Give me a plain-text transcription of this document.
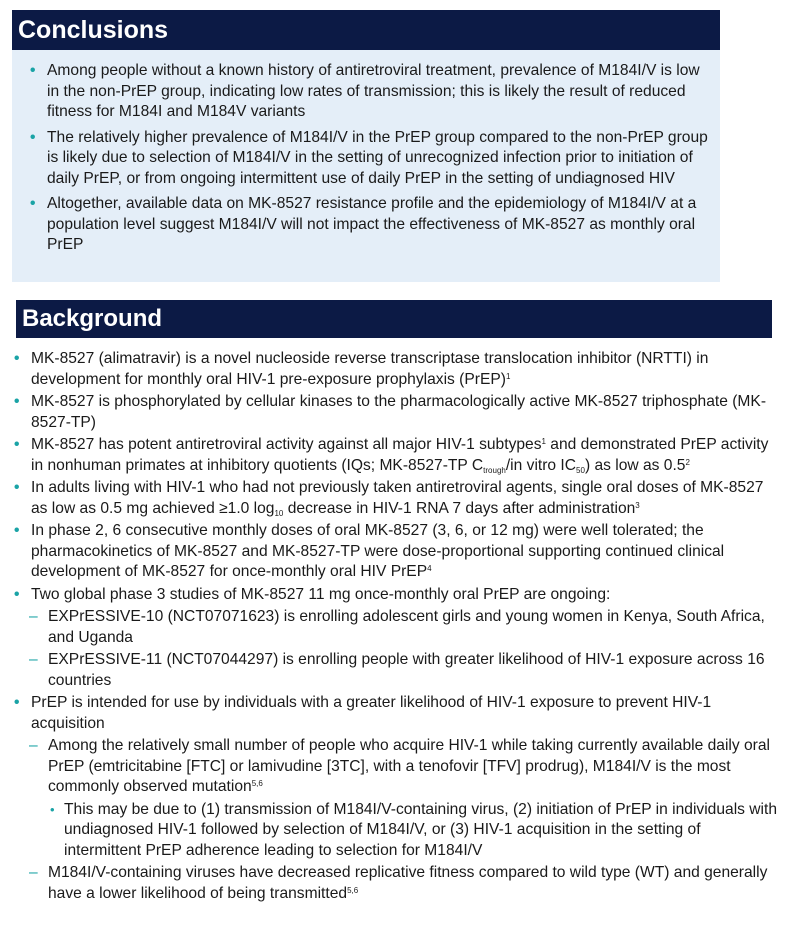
Conclusions
• Among people without a known history of antiretroviral treatment, prevalence of M184I/V is low in the non-PrEP group, indicating low rates of transmission; this is likely the result of reduced fitness for M184I and M184V variants
• The relatively higher prevalence of M184I/V in the PrEP group compared to the non-PrEP group is likely due to selection of M184I/V in the setting of unrecognized infection prior to initiation of daily PrEP, or from ongoing intermittent use of daily PrEP in the setting of undiagnosed HIV
• Altogether, available data on MK-8527 resistance profile and the epidemiology of M184I/V at a population level suggest M184I/V will not impact the effectiveness of MK-8527 as monthly oral PrEP
Background
• MK-8527 (alimatravir) is a novel nucleoside reverse transcriptase translocation inhibitor (NRTTI) in development for monthly oral HIV-1 pre-exposure prophylaxis (PrEP)$^1$
• MK-8527 is phosphorylated by cellular kinases to the pharmacologically active MK-8527 triphosphate (MK-8527-TP)
• MK-8527 has potent antiretroviral activity against all major HIV-1 subtypes$^1$ and demonstrated PrEP activity in nonhuman primates at inhibitory quotients (IQs; MK-8527-TP $C_{trough}/in$ vitro $IC_{50}$) as low as $0.5^2$
• In adults living with HIV-1 who had not previously taken antiretroviral agents, single oral doses of MK-8527 as low as 0.5 mg achieved ≥1.0 $\log_{10}$ decrease in HIV-1 RNA 7 days after administration$^3$
• In phase 2, 6 consecutive monthly doses of oral MK-8527 (3, 6, or 12 mg) were well tolerated; the pharmacokinetics of MK-8527 and MK-8527-TP were dose-proportional supporting continued clinical development of MK-8527 for once-monthly oral HIV PrEP$^4$
• Two global phase 3 studies of MK-8527 11 mg once-monthly oral PrEP are ongoing:
– EXPrESSIVE-10 (NCT07071623) is enrolling adolescent girls and young women in Kenya, South Africa, and Uganda
– EXPrESSIVE-11 (NCT07044297) is enrolling people with greater likelihood of HIV-1 exposure across 16 countries
• PrEP is intended for use by individuals with a greater likelihood of HIV-1 exposure to prevent HIV-1 acquisition
– Among the relatively small number of people who acquire HIV-1 while taking currently available daily oral PrEP (emtricitabine [FTC] or lamivudine [3TC], with a tenofovir [TFV] prodrug), M184I/V is the most commonly observed mutation$^{5,6}$
• This may be due to (1) transmission of M184I/V-containing virus, (2) initiation of PrEP in individuals with undiagnosed HIV-1 followed by selection of M184I/V, or (3) HIV-1 acquisition in the setting of intermittent PrEP adherence leading to selection for M184I/V
– M184I/V-containing viruses have decreased replicative fitness compared to wild type (WT) and generally have a lower likelihood of being transmitted$^{5,6}$
